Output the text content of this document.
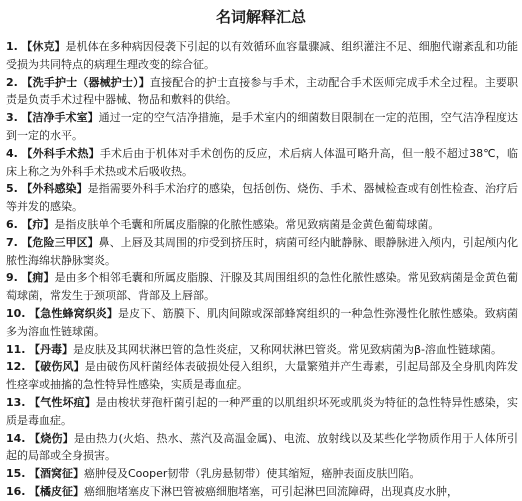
名词解释汇总

1. 【休克】是机体在多种病因侵袭下引起的以有效循环血容量骤减、组织灌注不足、细胞代谢紊乱和功能受损为共同特点的病理生理改变的综合征。

2. 【洗手护士（器械护士）】直接配合的护士直接参与手术，主动配合手术医师完成手术全过程。主要职责是负责手术过程中器械、物品和敷料的供给。

3. 【洁净手术室】通过一定的空气洁净措施，是手术室内的细菌数目限制在一定的范围，空气洁净程度达到一定的水平。

4. 【外科手术热】手术后由于机体对手术创伤的反应，术后病人体温可略升高，但一般不超过38℃，临床上称之为外科手术热或术后吸收热。

5. 【外科感染】是指需要外科手术治疗的感染，包括创伤、烧伤、手术、器械检查或有创性检查、治疗后等并发的感染。

6. 【疖】是指皮肤单个毛囊和所属皮脂腺的化脓性感染。常见致病菌是金黄色葡萄球菌。

7. 【危险三甲区】鼻、上唇及其周围的疖受到挤压时，病菌可经内眦静脉、眼静脉进入颅内，引起颅内化脓性海绵状静脉窦炎。

9. 【痈】是由多个相邻毛囊和所属皮脂腺、汗腺及其周围组织的急性化脓性感染。常见致病菌是金黄色葡萄球菌，常发生于颈项部、背部及上唇部。

10. 【急性蜂窝织炎】是皮下、筋膜下、肌肉间隙或深部蜂窝组织的一种急性弥漫性化脓性感染。致病菌多为溶血性链球菌。

11. 【丹毒】是皮肤及其网状淋巴管的急性炎症，又称网状淋巴管炎。常见致病菌为β-溶血性链球菌。

12. 【破伤风】是由破伤风杆菌经体表破损处侵入组织，大量繁殖并产生毒素，引起局部及全身肌肉阵发性痉挛或抽搐的急性特异性感染，实质是毒血症。

13. 【气性坏疽】是由梭状芽孢杆菌引起的一种严重的以肌组织坏死或肌炎为特征的急性特异性感染，实质是毒血症。

14. 【烧伤】是由热力(火焰、热水、蒸汽及高温金属)、电流、放射线以及某些化学物质作用于人体所引起的局部或全身损害。

15. 【酒窝征】癌肿侵及Cooper韧带（乳房悬韧带）使其缩短，癌肿表面皮肤凹陷。

16. 【橘皮征】癌细胞堵塞皮下淋巴管被癌细胞堵塞，可引起淋巴回流障碍，出现真皮水肿，
